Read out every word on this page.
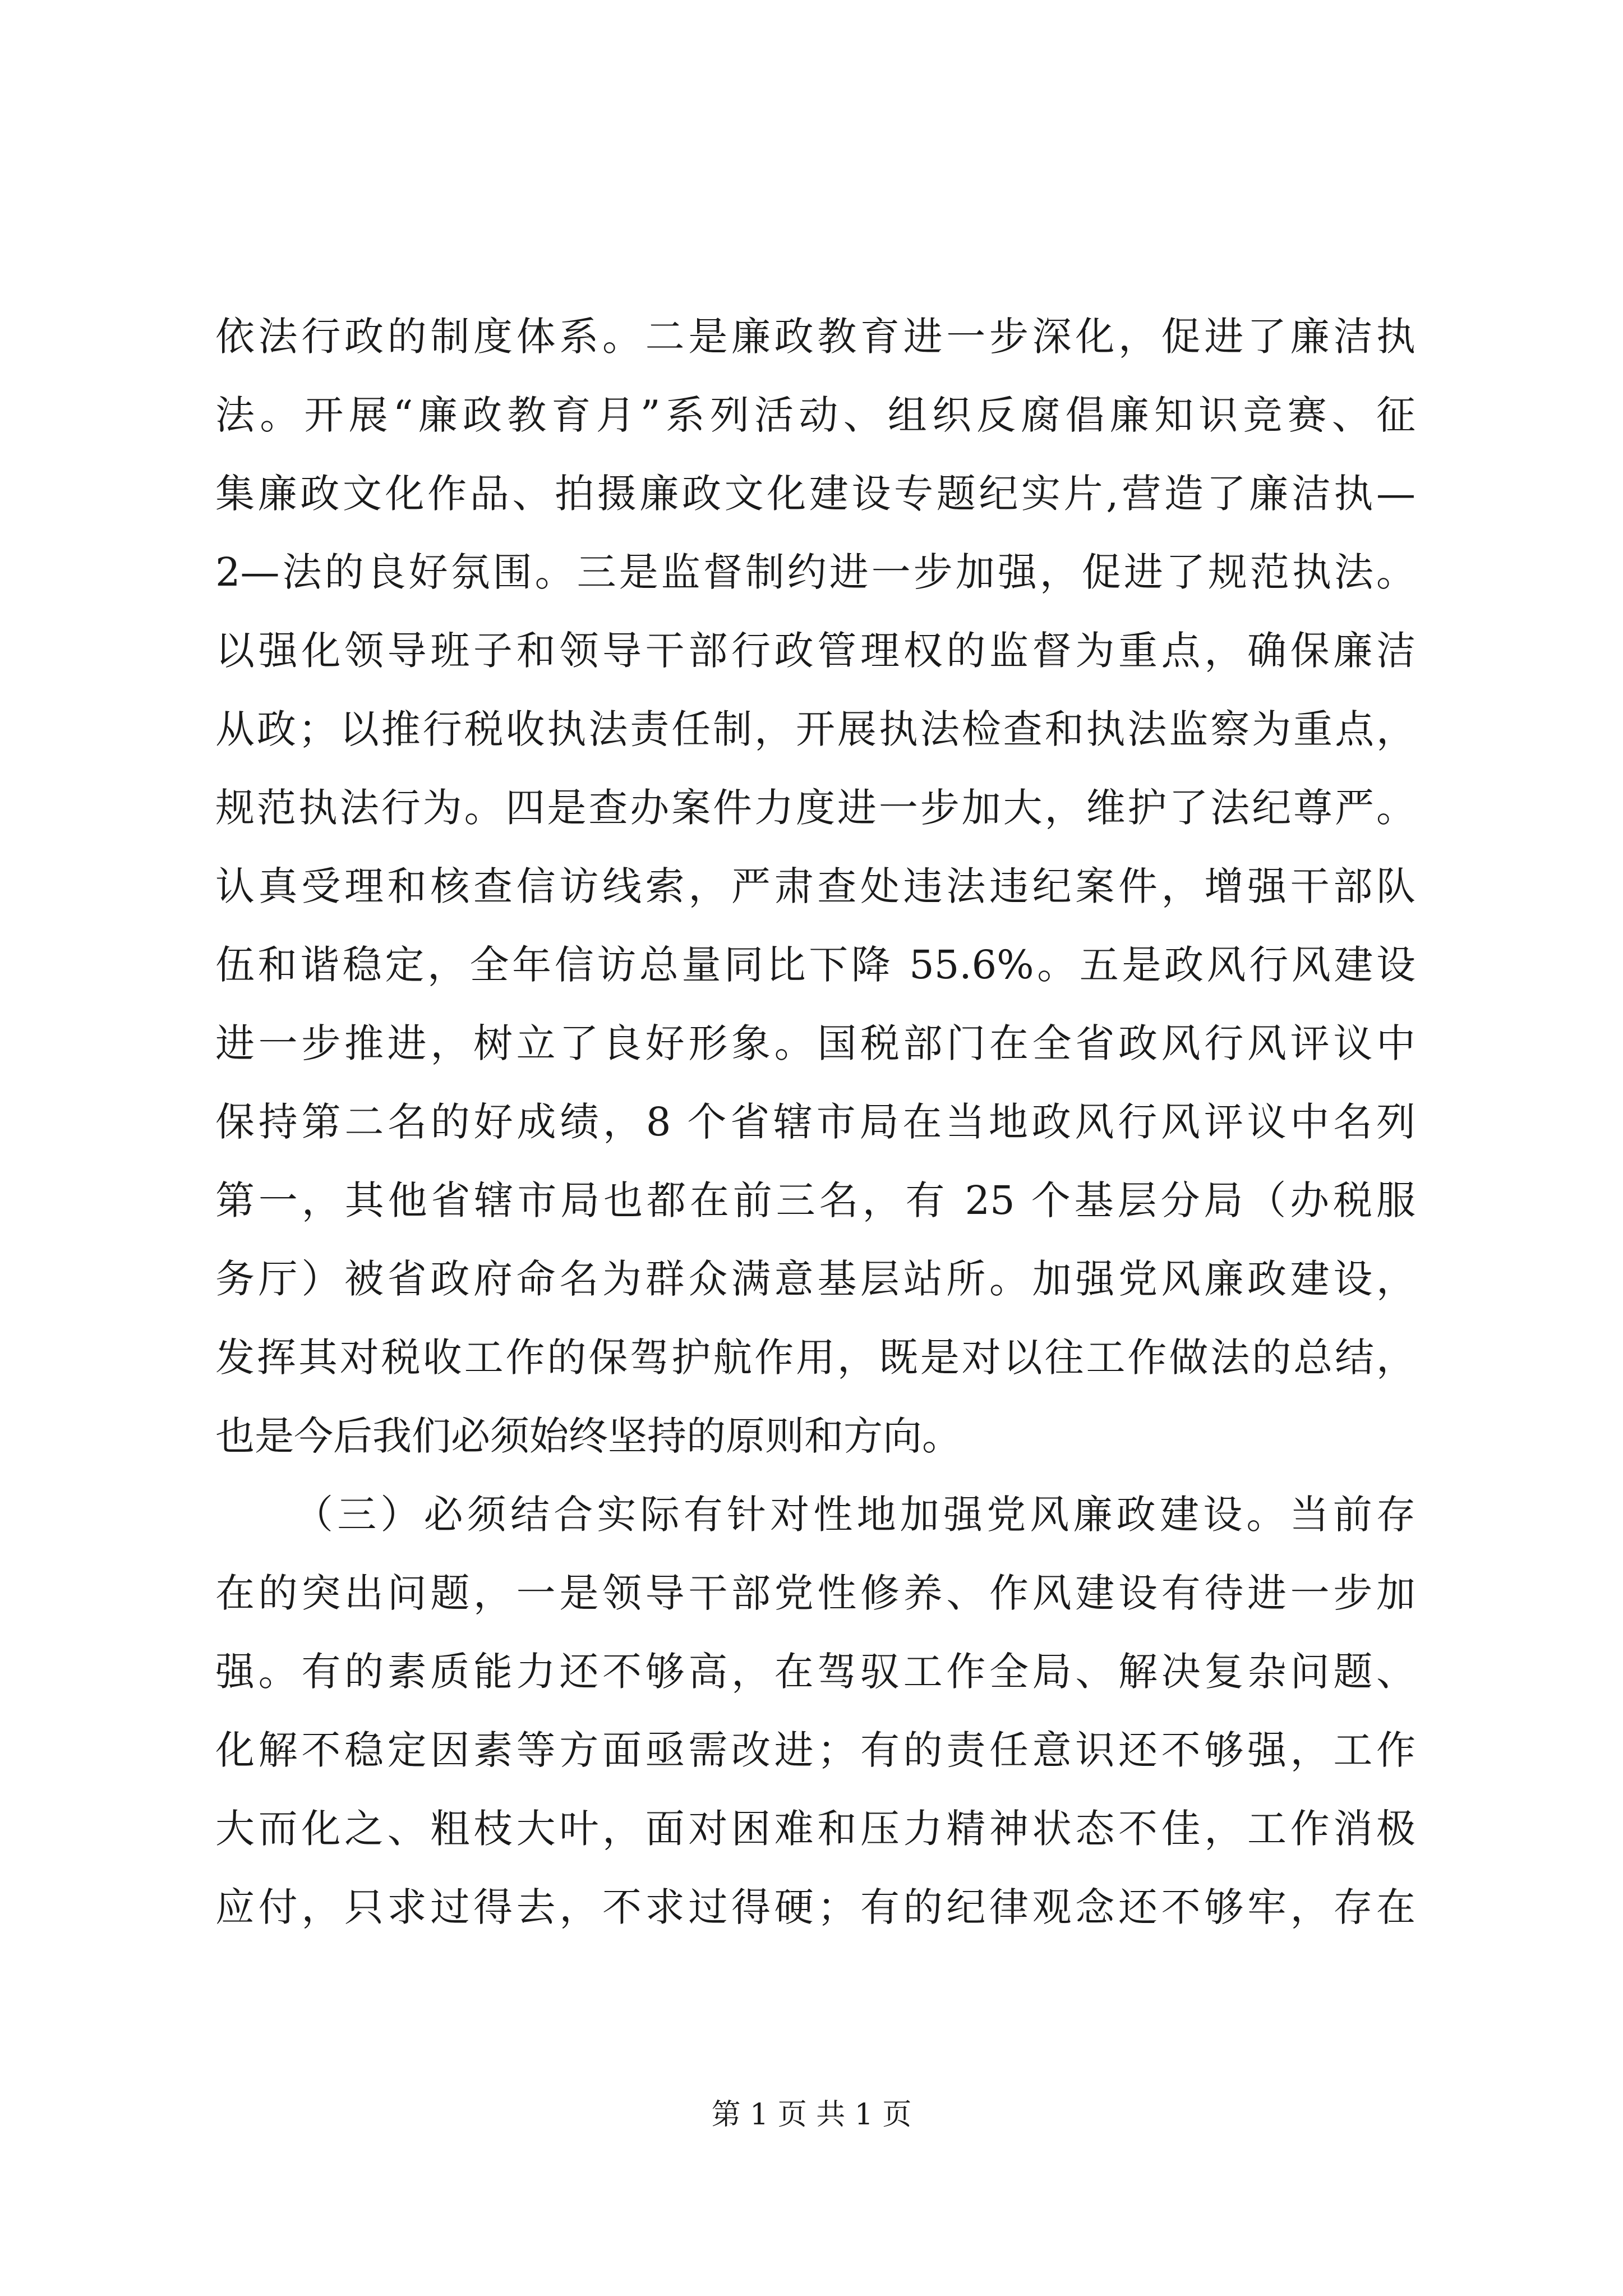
依法行政的制度体系。二是廉政教育进一步深化，促进了廉洁执
法。开展“廉政教育月”系列活动、组织反腐倡廉知识竞赛、征
集廉政文化作品、拍摄廉政文化建设专题纪实片,营造了廉洁执—
2—法的良好氛围。三是监督制约进一步加强，促进了规范执法。
以强化领导班子和领导干部行政管理权的监督为重点，确保廉洁
从政；以推行税收执法责任制，开展执法检查和执法监察为重点，
规范执法行为。四是查办案件力度进一步加大，维护了法纪尊严。
认真受理和核查信访线索，严肃查处违法违纪案件，增强干部队
伍和谐稳定，全年信访总量同比下降 55.6%。五是政风行风建设
进一步推进，树立了良好形象。国税部门在全省政风行风评议中
保持第二名的好成绩，8 个省辖市局在当地政风行风评议中名列
第一，其他省辖市局也都在前三名，有 25 个基层分局（办税服
务厅）被省政府命名为群众满意基层站所。加强党风廉政建设，
发挥其对税收工作的保驾护航作用，既是对以往工作做法的总结，
也是今后我们必须始终坚持的原则和方向。
（三）必须结合实际有针对性地加强党风廉政建设。当前存
在的突出问题，一是领导干部党性修养、作风建设有待进一步加
强。有的素质能力还不够高，在驾驭工作全局、解决复杂问题、
化解不稳定因素等方面亟需改进；有的责任意识还不够强，工作
大而化之、粗枝大叶，面对困难和压力精神状态不佳，工作消极
应付，只求过得去，不求过得硬；有的纪律观念还不够牢，存在
第 1 页 共 1 页
